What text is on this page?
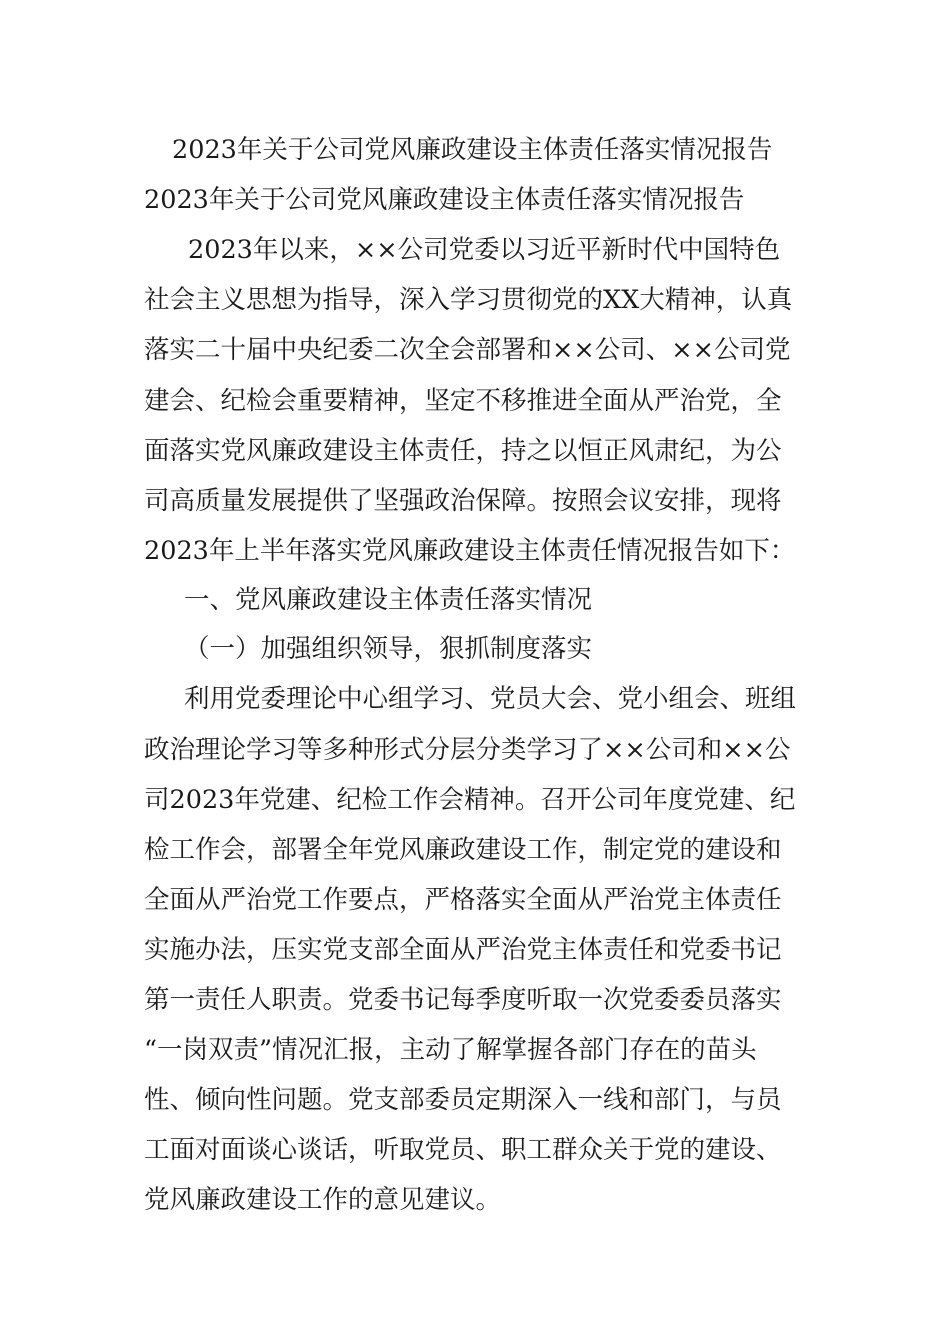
2023年关于公司党风廉政建设主体责任落实情况报告
2023年关于公司党风廉政建设主体责任落实情况报告
2023年以来，××公司党委以习近平新时代中国特色
社会主义思想为指导，深入学习贯彻党的XX大精神，认真
落实二十届中央纪委二次全会部署和××公司、××公司党
建会、纪检会重要精神，坚定不移推进全面从严治党，全
面落实党风廉政建设主体责任，持之以恒正风肃纪，为公
司高质量发展提供了坚强政治保障。按照会议安排，现将
2023年上半年落实党风廉政建设主体责任情况报告如下：
一、党风廉政建设主体责任落实情况
（一）加强组织领导，狠抓制度落实
利用党委理论中心组学习、党员大会、党小组会、班组
政治理论学习等多种形式分层分类学习了××公司和××公
司2023年党建、纪检工作会精神。召开公司年度党建、纪
检工作会，部署全年党风廉政建设工作，制定党的建设和
全面从严治党工作要点，严格落实全面从严治党主体责任
实施办法，压实党支部全面从严治党主体责任和党委书记
第一责任人职责。党委书记每季度听取一次党委委员落实
“一岗双责”情况汇报，主动了解掌握各部门存在的苗头
性、倾向性问题。党支部委员定期深入一线和部门，与员
工面对面谈心谈话，听取党员、职工群众关于党的建设、
党风廉政建设工作的意见建议。
